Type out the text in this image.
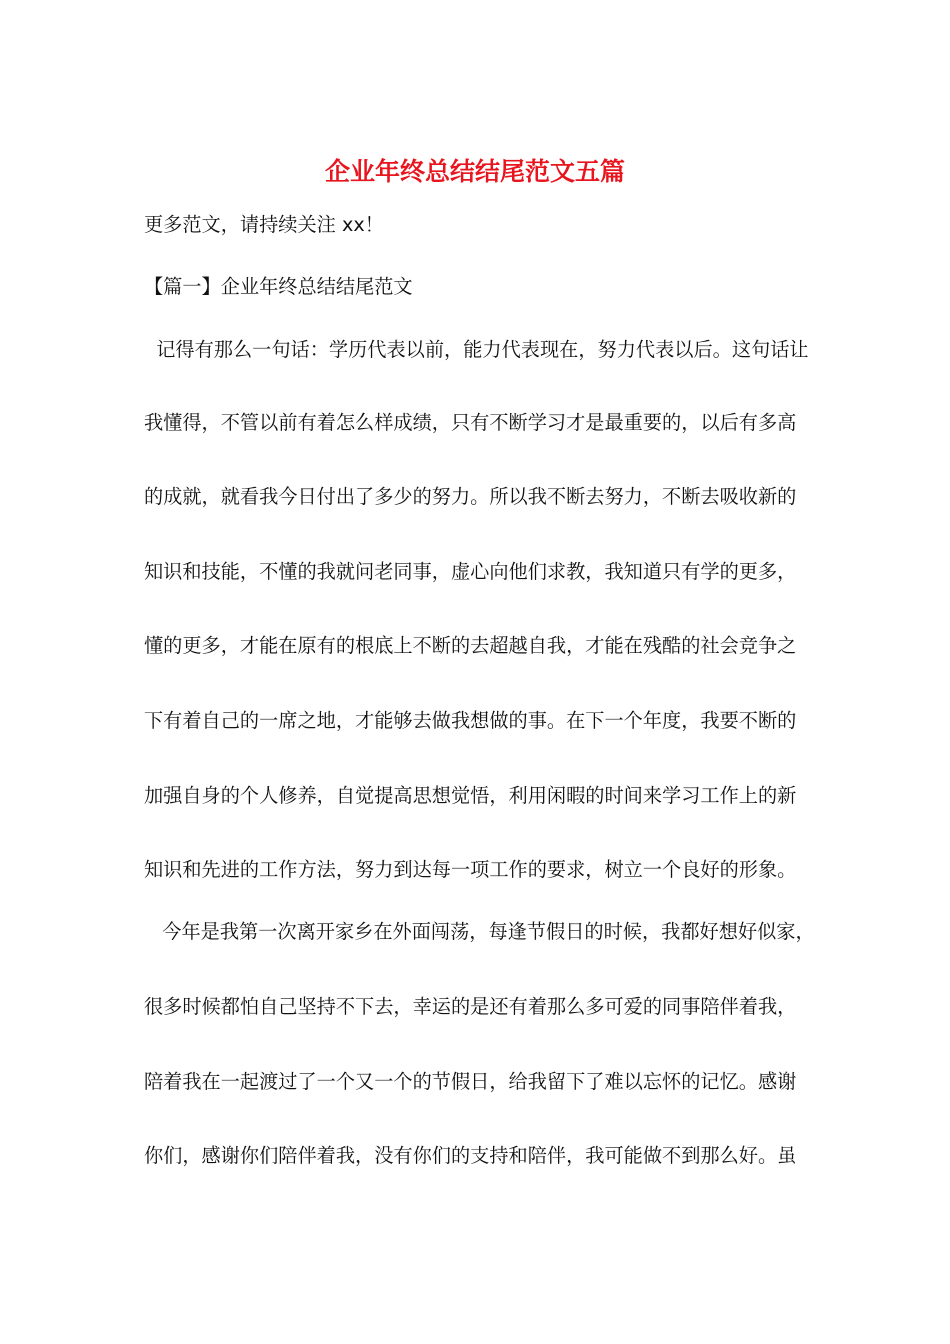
企业年终总结结尾范文五篇
更多范文，请持续关注 xx！
【篇一】企业年终总结结尾范文
记得有那么一句话：学历代表以前，能力代表现在，努力代表以后。这句话让
我懂得，不管以前有着怎么样成绩，只有不断学习才是最重要的，以后有多高
的成就，就看我今日付出了多少的努力。所以我不断去努力，不断去吸收新的
知识和技能，不懂的我就问老同事，虚心向他们求教，我知道只有学的更多，
懂的更多，才能在原有的根底上不断的去超越自我，才能在残酷的社会竞争之
下有着自己的一席之地，才能够去做我想做的事。在下一个年度，我要不断的
加强自身的个人修养，自觉提高思想觉悟，利用闲暇的时间来学习工作上的新
知识和先进的工作方法，努力到达每一项工作的要求，树立一个良好的形象。
今年是我第一次离开家乡在外面闯荡，每逢节假日的时候，我都好想好似家，
很多时候都怕自己坚持不下去，幸运的是还有着那么多可爱的同事陪伴着我，
陪着我在一起渡过了一个又一个的节假日，给我留下了难以忘怀的记忆。感谢
你们，感谢你们陪伴着我，没有你们的支持和陪伴，我可能做不到那么好。虽
